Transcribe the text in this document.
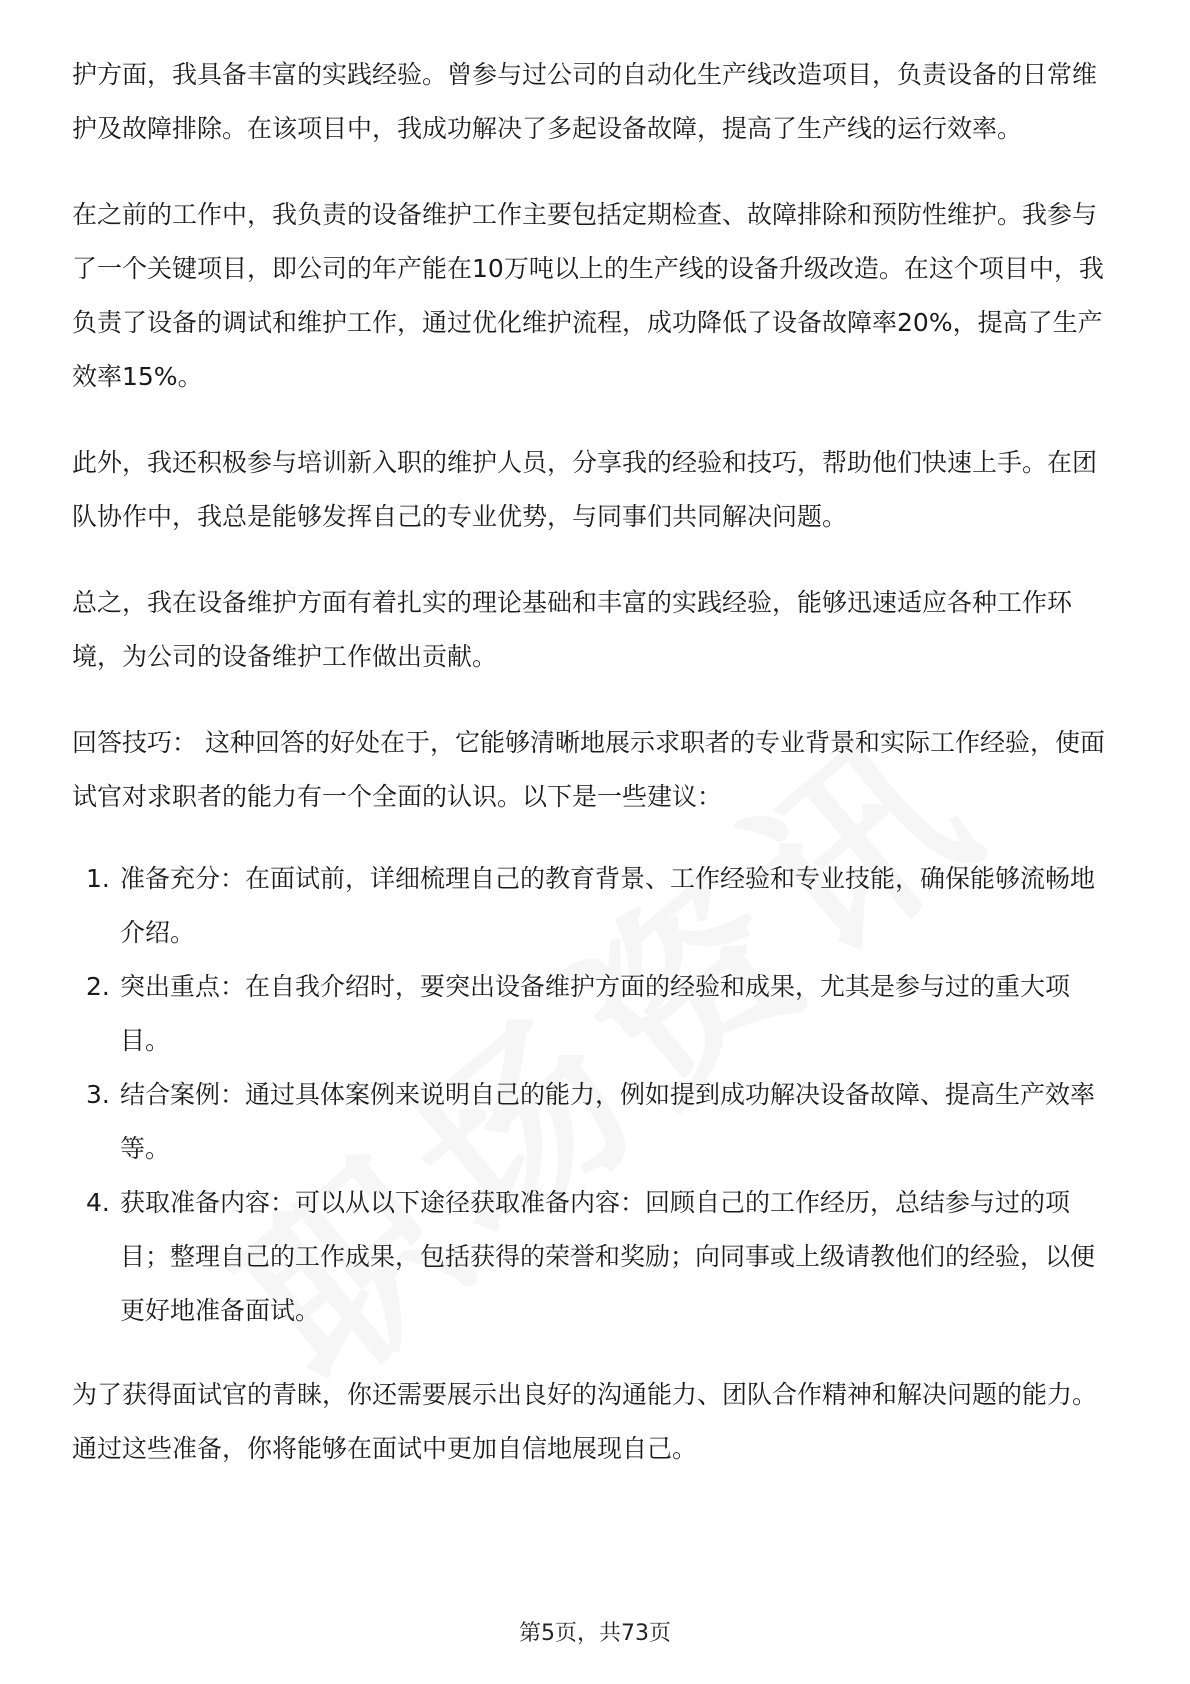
护方面，我具备丰富的实践经验。曾参与过公司的自动化生产线改造项目，负责设备的日常维护及故障排除。在该项目中，我成功解决了多起设备故障，提高了生产线的运行效率。

在之前的工作中，我负责的设备维护工作主要包括定期检查、故障排除和预防性维护。我参与了一个关键项目，即公司的年产能在10万吨以上的生产线的设备升级改造。在这个项目中，我负责了设备的调试和维护工作，通过优化维护流程，成功降低了设备故障率20%，提高了生产效率15%。

此外，我还积极参与培训新入职的维护人员，分享我的经验和技巧，帮助他们快速上手。在团队协作中，我总是能够发挥自己的专业优势，与同事们共同解决问题。

总之，我在设备维护方面有着扎实的理论基础和丰富的实践经验，能够迅速适应各种工作环境，为公司的设备维护工作做出贡献。

回答技巧： 这种回答的好处在于，它能够清晰地展示求职者的专业背景和实际工作经验，使面试官对求职者的能力有一个全面的认识。以下是一些建议：

1. 准备充分：在面试前，详细梳理自己的教育背景、工作经验和专业技能，确保能够流畅地介绍。
2. 突出重点：在自我介绍时，要突出设备维护方面的经验和成果，尤其是参与过的重大项目。
3. 结合案例：通过具体案例来说明自己的能力，例如提到成功解决设备故障、提高生产效率等。
4. 获取准备内容：可以从以下途径获取准备内容：回顾自己的工作经历，总结参与过的项目；整理自己的工作成果，包括获得的荣誉和奖励；向同事或上级请教他们的经验，以便更好地准备面试。

为了获得面试官的青睐，你还需要展示出良好的沟通能力、团队合作精神和解决问题的能力。通过这些准备，你将能够在面试中更加自信地展现自己。

第5页，共73页
